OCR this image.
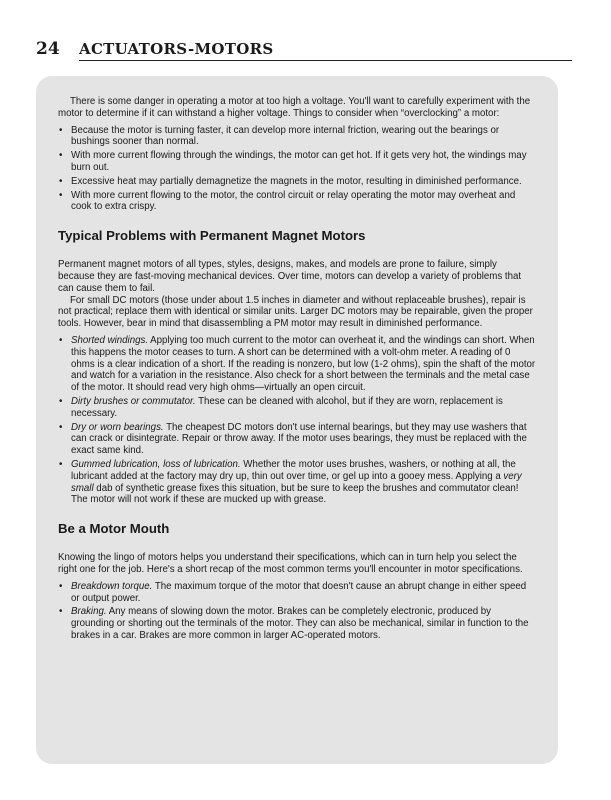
24 ACTUATORS-MOTORS

There is some danger in operating a motor at too high a voltage. You'll want to carefully experiment with the motor to determine if it can withstand a higher voltage. Things to consider when “overclocking” a motor:

• Because the motor is turning faster, it can develop more internal friction, wearing out the bearings or bushings sooner than normal.
• With more current flowing through the windings, the motor can get hot. If it gets very hot, the windings may burn out.
• Excessive heat may partially demagnetize the magnets in the motor, resulting in diminished performance.
• With more current flowing to the motor, the control circuit or relay operating the motor may overheat and cook to extra crispy.
Typical Problems with Permanent Magnet Motors

Permanent magnet motors of all types, styles, designs, makes, and models are prone to failure, simply because they are fast-moving mechanical devices. Over time, motors can develop a variety of problems that can cause them to fail.

For small DC motors (those under about 1.5 inches in diameter and without replaceable brushes), repair is not practical; replace them with identical or similar units. Larger DC motors may be repairable, given the proper tools. However, bear in mind that disassembling a PM motor may result in diminished performance.

• Shorted windings. Applying too much current to the motor can overheat it, and the windings can short. When this happens the motor ceases to turn. A short can be determined with a volt-ohm meter. A reading of 0 ohms is a clear indication of a short. If the reading is nonzero, but low (1-2 ohms), spin the shaft of the motor and watch for a variation in the resistance. Also check for a short between the terminals and the metal case of the motor. It should read very high ohms—virtually an open circuit.
• Dirty brushes or commutator. These can be cleaned with alcohol, but if they are worn, replacement is necessary.
• Dry or worn bearings. The cheapest DC motors don't use internal bearings, but they may use washers that can crack or disintegrate. Repair or throw away. If the motor uses bearings, they must be replaced with the exact same kind.
• Gummed lubrication, loss of lubrication. Whether the motor uses brushes, washers, or nothing at all, the lubricant added at the factory may dry up, thin out over time, or gel up into a gooey mess. Applying a very small dab of synthetic grease fixes this situation, but be sure to keep the brushes and commutator clean! The motor will not work if these are mucked up with grease.
Be a Motor Mouth

Knowing the lingo of motors helps you understand their specifications, which can in turn help you select the right one for the job. Here's a short recap of the most common terms you'll encounter in motor specifications.

• Breakdown torque. The maximum torque of the motor that doesn't cause an abrupt change in either speed or output power.
• Braking. Any means of slowing down the motor. Brakes can be completely electronic, produced by grounding or shorting out the terminals of the motor. They can also be mechanical, similar in function to the brakes in a car. Brakes are more common in larger AC-operated motors.
